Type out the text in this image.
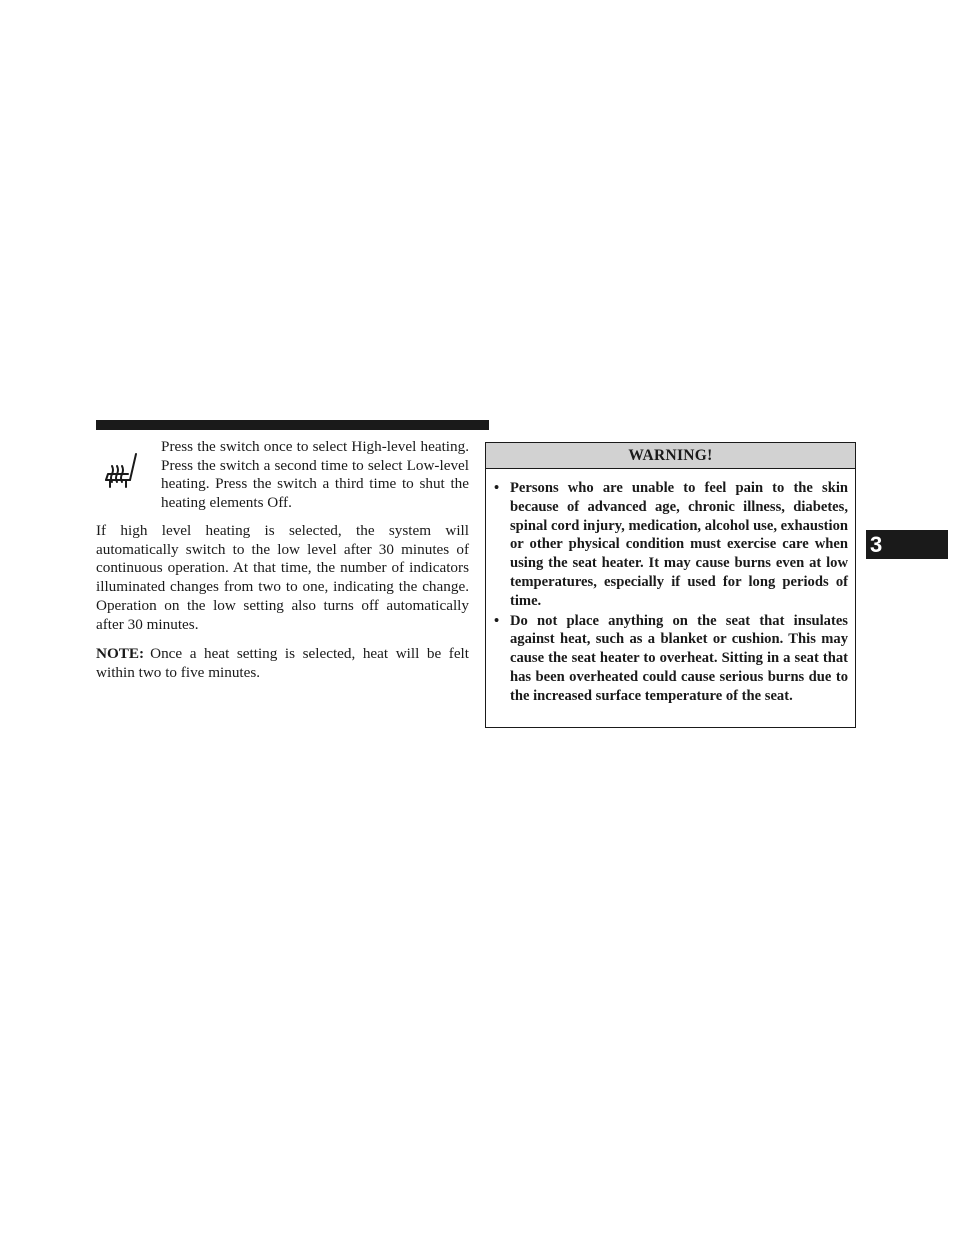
Press the switch once to select High-level heating. Press the switch a second time to select Low-level heating. Press the switch a third time to shut the heating elements Off.

If high level heating is selected, the system will automatically switch to the low level after 30 minutes of continuous operation. At that time, the number of indicators illuminated changes from two to one, indicating the change. Operation on the low setting also turns off automatically after 30 minutes.

NOTE: Once a heat setting is selected, heat will be felt within two to five minutes.

WARNING!
• Persons who are unable to feel pain to the skin because of advanced age, chronic illness, diabetes, spinal cord injury, medication, alcohol use, exhaustion or other physical condition must exercise care when using the seat heater. It may cause burns even at low temperatures, especially if used for long periods of time.
• Do not place anything on the seat that insulates against heat, such as a blanket or cushion. This may cause the seat heater to overheat. Sitting in a seat that has been overheated could cause serious burns due to the increased surface temperature of the seat.
3
